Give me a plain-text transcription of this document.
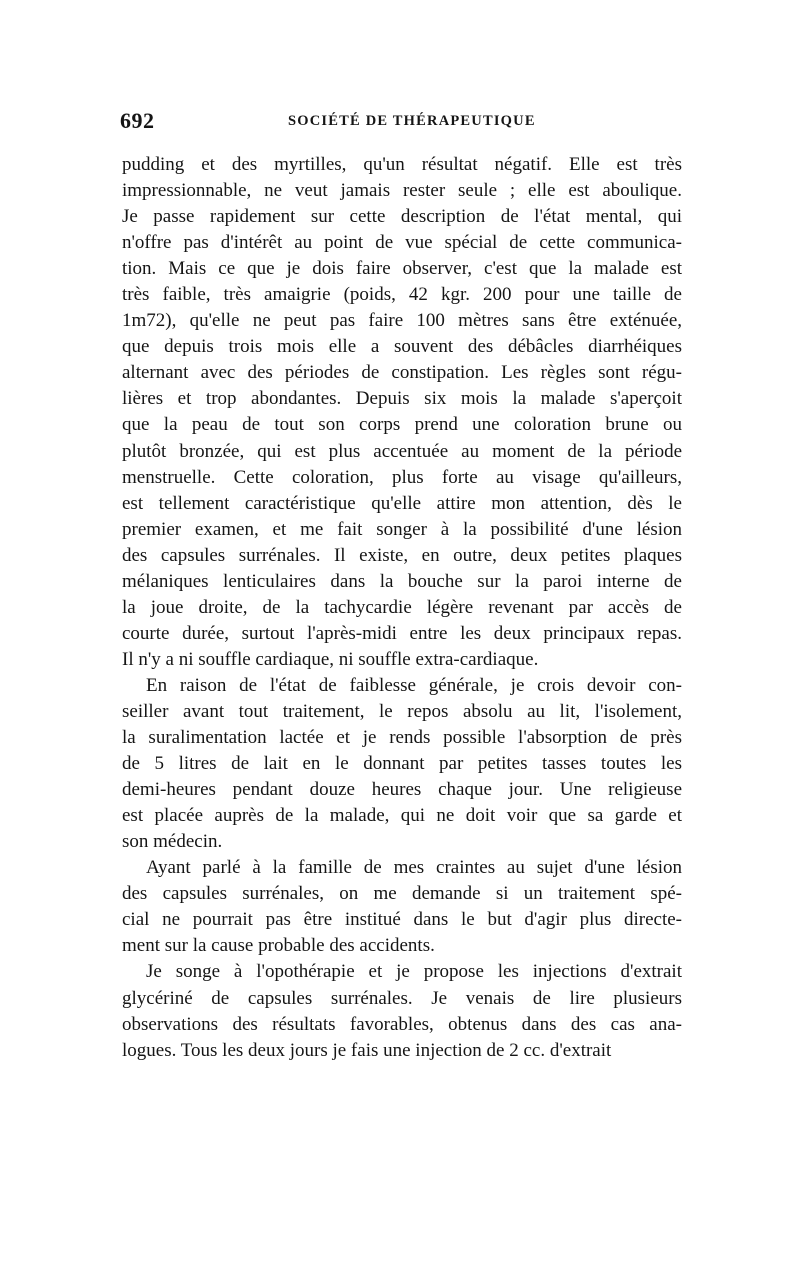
692	SOCIÉTÉ DE THÉRAPEUTIQUE
pudding et des myrtilles, qu'un résultat négatif. Elle est très
impressionnable, ne veut jamais rester seule ; elle est aboulique.
Je passe rapidement sur cette description de l'état mental, qui
n'offre pas d'intérêt au point de vue spécial de cette communica-
tion. Mais ce que je dois faire observer, c'est que la malade est
très faible, très amaigrie (poids, 42 kgr. 200 pour une taille de
1m72), qu'elle ne peut pas faire 100 mètres sans être exténuée,
que depuis trois mois elle a souvent des débâcles diarrhéiques
alternant avec des périodes de constipation. Les règles sont régu-
lières et trop abondantes. Depuis six mois la malade s'aperçoit
que la peau de tout son corps prend une coloration brune ou
plutôt bronzée, qui est plus accentuée au moment de la période
menstruelle. Cette coloration, plus forte au visage qu'ailleurs,
est tellement caractéristique qu'elle attire mon attention, dès le
premier examen, et me fait songer à la possibilité d'une lésion
des capsules surrénales. Il existe, en outre, deux petites plaques
mélaniques lenticulaires dans la bouche sur la paroi interne de
la joue droite, de la tachycardie légère revenant par accès de
courte durée, surtout l'après-midi entre les deux principaux repas.
Il n'y a ni souffle cardiaque, ni souffle extra-cardiaque.
En raison de l'état de faiblesse générale, je crois devoir con-
seiller avant tout traitement, le repos absolu au lit, l'isolement,
la suralimentation lactée et je rends possible l'absorption de près
de 5 litres de lait en le donnant par petites tasses toutes les
demi-heures pendant douze heures chaque jour. Une religieuse
est placée auprès de la malade, qui ne doit voir que sa garde et
son médecin.
Ayant parlé à la famille de mes craintes au sujet d'une lésion
des capsules surrénales, on me demande si un traitement spé-
cial ne pourrait pas être institué dans le but d'agir plus directe-
ment sur la cause probable des accidents.
Je songe à l'opothérapie et je propose les injections d'extrait
glycériné de capsules surrénales. Je venais de lire plusieurs
observations des résultats favorables, obtenus dans des cas ana-
logues. Tous les deux jours je fais une injection de 2 cc. d'extrait
